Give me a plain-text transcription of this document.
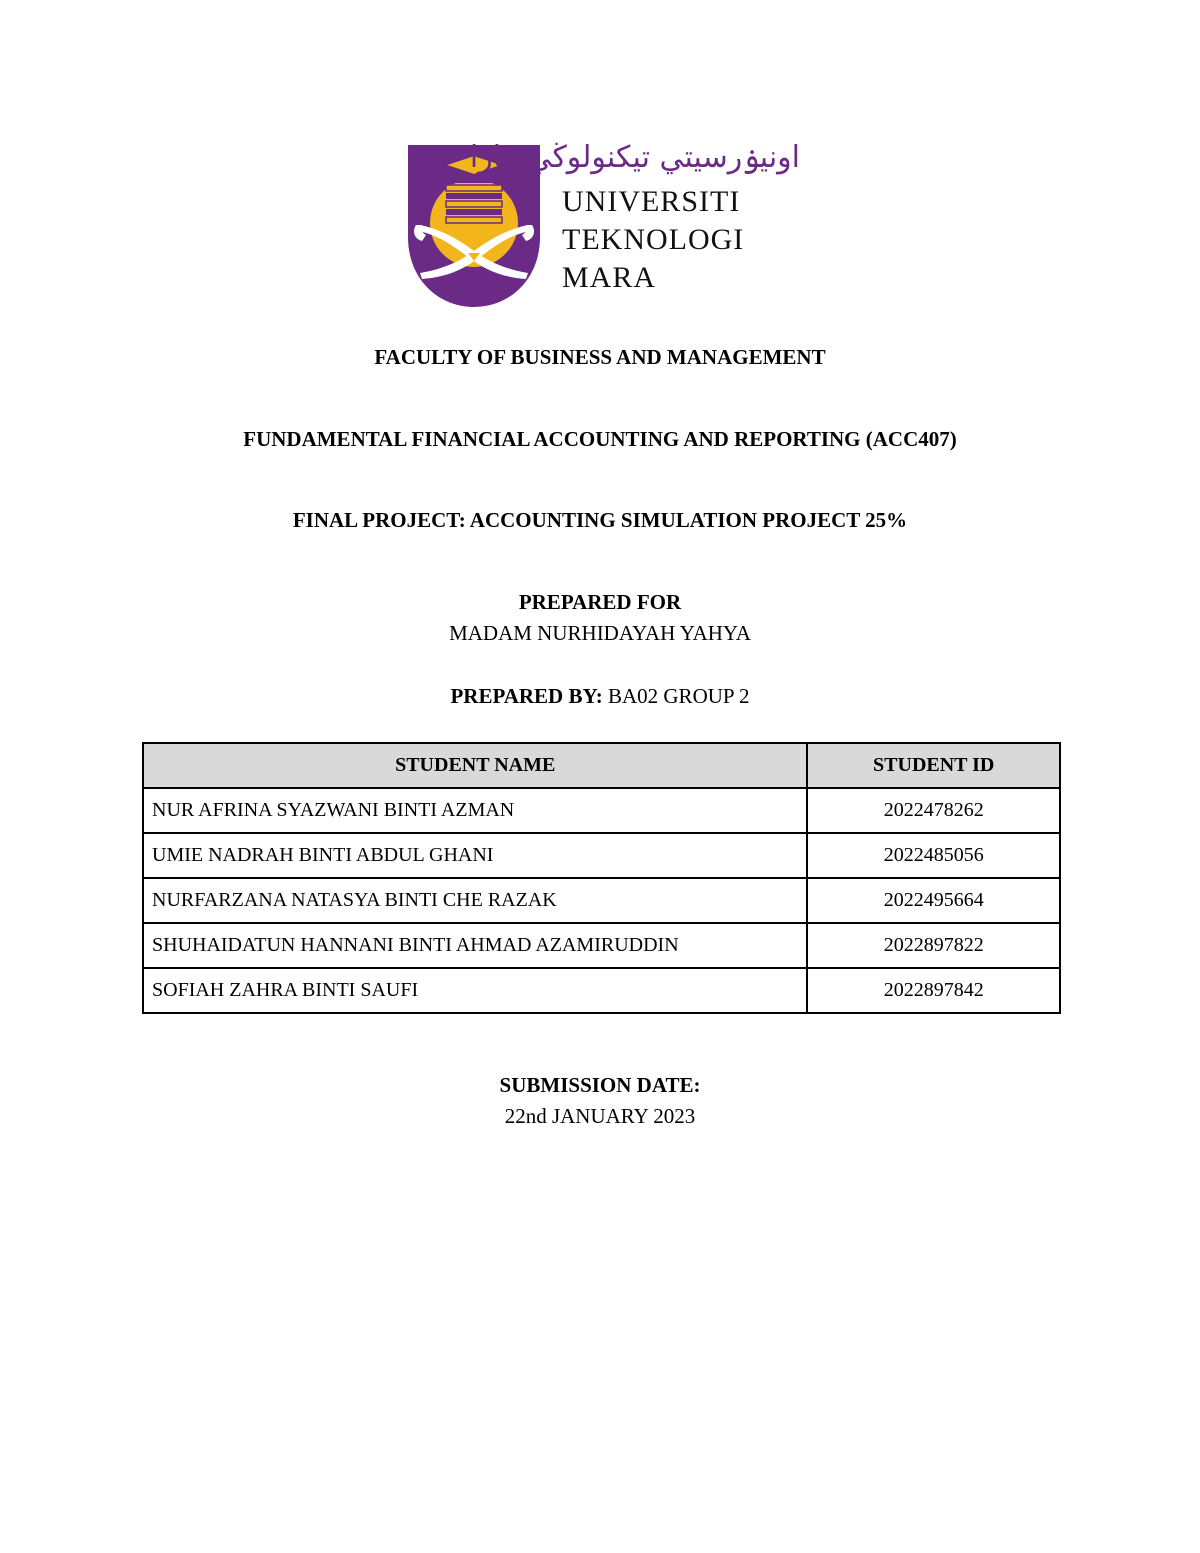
اونيۏرسيتي تيکنولوڬي مارا
UNIVERSITI
TEKNOLOGI
MARA
FACULTY OF BUSINESS AND MANAGEMENT
FUNDAMENTAL FINANCIAL ACCOUNTING AND REPORTING (ACC407)
FINAL PROJECT: ACCOUNTING SIMULATION PROJECT 25%
PREPARED FOR
MADAM NURHIDAYAH YAHYA
PREPARED BY: BA02 GROUP 2
STUDENT NAME	STUDENT ID
NUR AFRINA SYAZWANI BINTI AZMAN	2022478262
UMIE NADRAH BINTI ABDUL GHANI	2022485056
NURFARZANA NATASYA BINTI CHE RAZAK	2022495664
SHUHAIDATUN HANNANI BINTI AHMAD AZAMIRUDDIN	2022897822
SOFIAH ZAHRA BINTI SAUFI	2022897842
SUBMISSION DATE:
22nd JANUARY 2023
